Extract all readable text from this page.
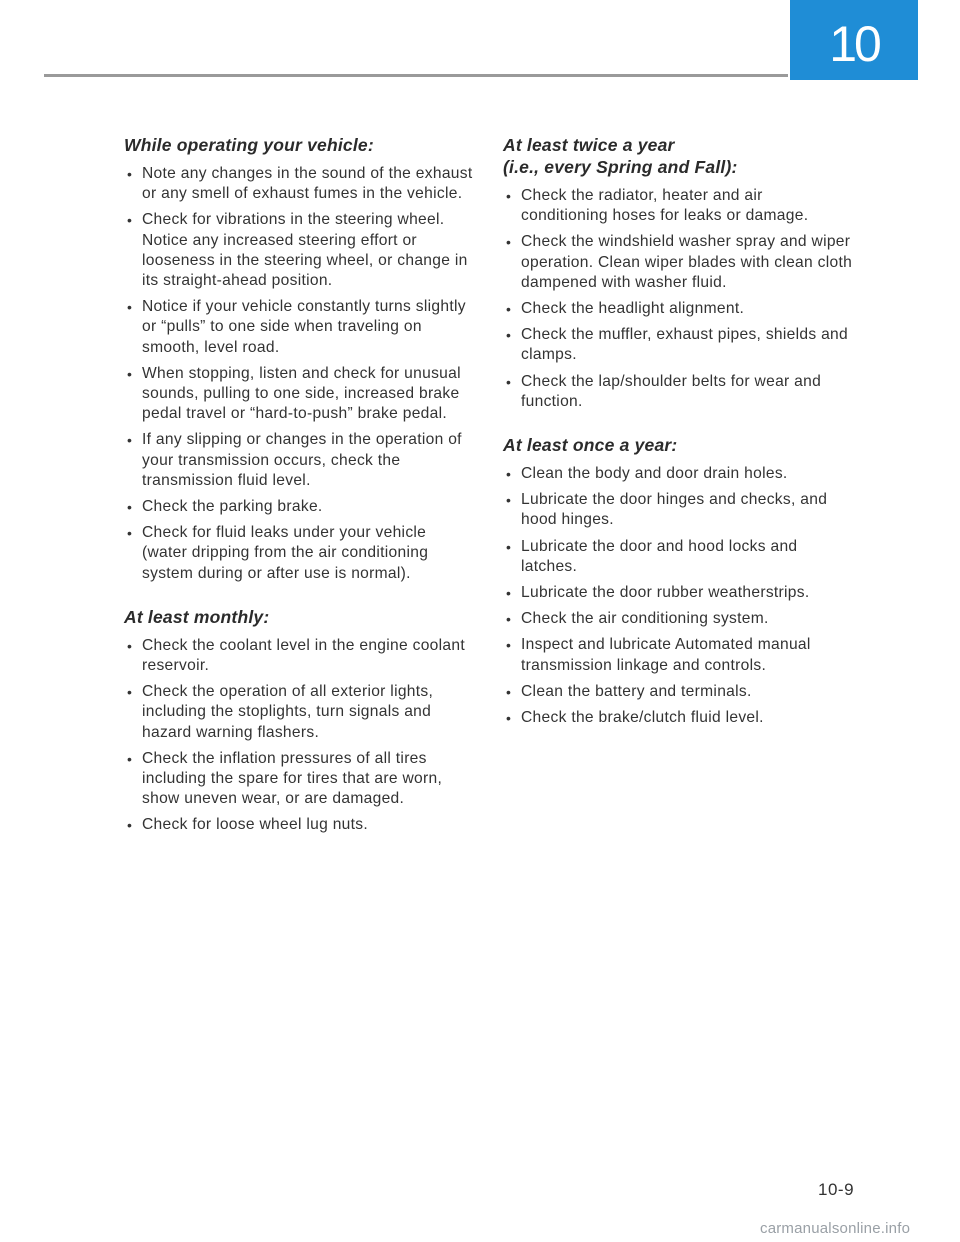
10
While operating your vehicle:
• Note any changes in the sound of the exhaust or any smell of exhaust fumes in the vehicle.
• Check for vibrations in the steering wheel. Notice any increased steering effort or looseness in the steering wheel, or change in its straight-ahead position.
• Notice if your vehicle constantly turns slightly or “pulls” to one side when traveling on smooth, level road.
• When stopping, listen and check for unusual sounds, pulling to one side, increased brake pedal travel or “hard-to-push” brake pedal.
• If any slipping or changes in the operation of your transmission occurs, check the transmission fluid level.
• Check the parking brake.
• Check for fluid leaks under your vehicle (water dripping from the air conditioning system during or after use is normal).
At least monthly:
• Check the coolant level in the engine coolant reservoir.
• Check the operation of all exterior lights, including the stoplights, turn signals and hazard warning flashers.
• Check the inflation pressures of all tires including the spare for tires that are worn, show uneven wear, or are damaged.
• Check for loose wheel lug nuts.
At least twice a year
(i.e., every Spring and Fall):
• Check the radiator, heater and air conditioning hoses for leaks or damage.
• Check the windshield washer spray and wiper operation. Clean wiper blades with clean cloth dampened with washer fluid.
• Check the headlight alignment.
• Check the muffler, exhaust pipes, shields and clamps.
• Check the lap/shoulder belts for wear and function.
At least once a year:
• Clean the body and door drain holes.
• Lubricate the door hinges and checks, and hood hinges.
• Lubricate the door and hood locks and latches.
• Lubricate the door rubber weatherstrips.
• Check the air conditioning system.
• Inspect and lubricate Automated manual transmission linkage and controls.
• Clean the battery and terminals.
• Check the brake/clutch fluid level.
10-9
carmanualsonline.info
